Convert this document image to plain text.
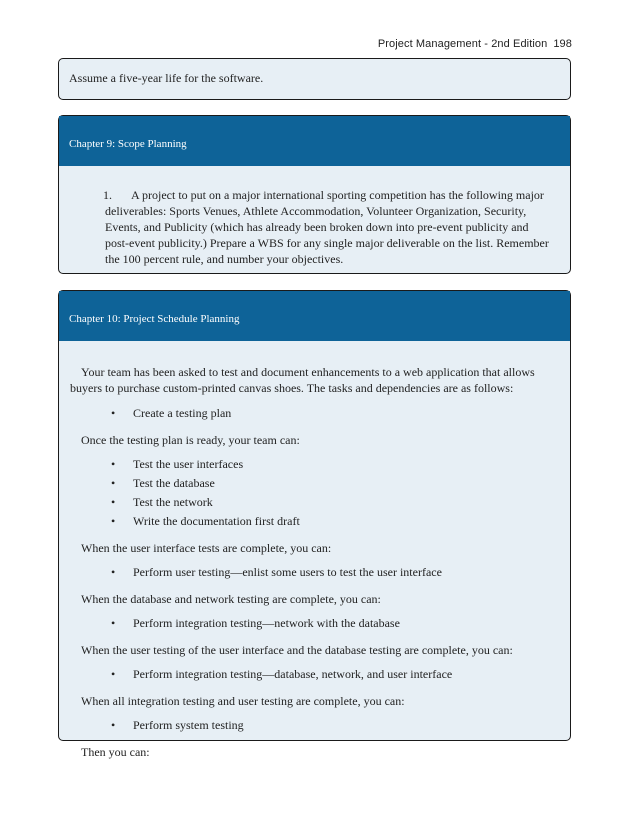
Project Management - 2nd Edition 198

Assume a five-year life for the software.

Chapter 9: Scope Planning
1.	A project to put on a major international sporting competition has the following major deliverables: Sports Venues, Athlete Accommodation, Volunteer Organization, Security, Events, and Publicity (which has already been broken down into pre-event publicity and post-event publicity.) Prepare a WBS for any single major deliverable on the list. Remember the 100 percent rule, and number your objectives.

Chapter 10: Project Schedule Planning

Your team has been asked to test and document enhancements to a web application that allows buyers to purchase custom-printed canvas shoes. The tasks and dependencies are as follows:

• Create a testing plan

Once the testing plan is ready, your team can:

• Test the user interfaces
• Test the database
• Test the network
• Write the documentation first draft

When the user interface tests are complete, you can:

• Perform user testing—enlist some users to test the user interface

When the database and network testing are complete, you can:

• Perform integration testing—network with the database

When the user testing of the user interface and the database testing are complete, you can:

• Perform integration testing—database, network, and user interface

When all integration testing and user testing are complete, you can:

• Perform system testing

Then you can:
